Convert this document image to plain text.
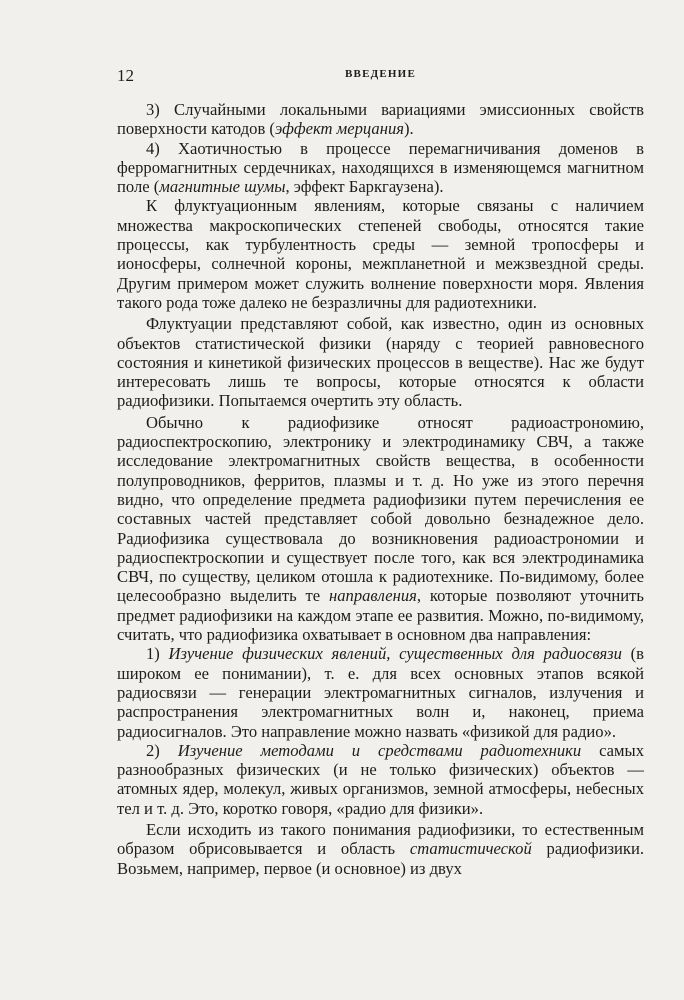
12	ВВЕДЕНИЕ

3) Случайными локальными вариациями эмиссионных свойств поверхности катодов (эффект мерцания).

4) Хаотичностью в процессе перемагничивания доменов в ферромагнитных сердечниках, находящихся в изменяющемся магнитном поле (магнитные шумы, эффект Баркгаузена).

К флуктуационным явлениям, которые связаны с наличием множества макроскопических степеней свободы, относятся такие процессы, как турбулентность среды — земной тропосферы и ионосферы, солнечной короны, межпланетной и межзвездной среды. Другим примером может служить волнение поверхности моря. Явления такого рода тоже далеко не безразличны для радиотехники.

Флуктуации представляют собой, как известно, один из основных объектов статистической физики (наряду с теорией равновесного состояния и кинетикой физических процессов в веществе). Нас же будут интересовать лишь те вопросы, которые относятся к области радиофизики. Попытаемся очертить эту область.

Обычно к радиофизике относят радиоастрономию, радиоспектроскопию, электронику и электродинамику СВЧ, а также исследование электромагнитных свойств вещества, в особенности полупроводников, ферритов, плазмы и т. д. Но уже из этого перечня видно, что определение предмета радиофизики путем перечисления ее составных частей представляет собой довольно безнадежное дело. Радиофизика существовала до возникновения радиоастрономии и радиоспектроскопии и существует после того, как вся электродинамика СВЧ, по существу, целиком отошла к радиотехнике. По-видимому, более целесообразно выделить те направления, которые позволяют уточнить предмет радиофизики на каждом этапе ее развития. Можно, по-видимому, считать, что радиофизика охватывает в основном два направления:

1) Изучение физических явлений, существенных для радиосвязи (в широком ее понимании), т. е. для всех основных этапов всякой радиосвязи — генерации электромагнитных сигналов, излучения и распространения электромагнитных волн и, наконец, приема радиосигналов. Это направление можно назвать «физикой для радио».

2) Изучение методами и средствами радиотехники самых разнообразных физических (и не только физических) объектов — атомных ядер, молекул, живых организмов, земной атмосферы, небесных тел и т. д. Это, коротко говоря, «радио для физики».

Если исходить из такого понимания радиофизики, то естественным образом обрисовывается и область статистической радиофизики. Возьмем, например, первое (и основное) из двух
